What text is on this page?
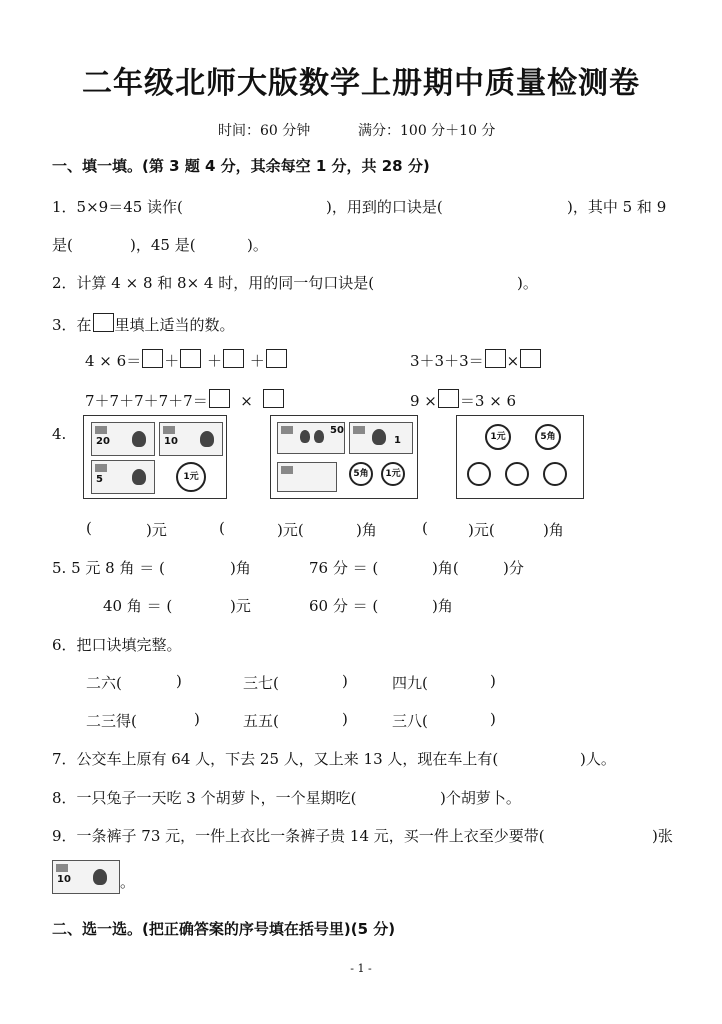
二年级北师大版数学上册期中质量检测卷
时间：60 分钟	满分：100 分＋10 分
一、填一填。(第 3 题 4 分，其余每空 1 分，共 28 分)
1．5×9＝45 读作(	)，用到的口诀是(	)，其中 5 和 9
是(	)，45 是(	)。
2．计算 4 × 8 和 8× 4 时，用的同一句口诀是(	)。
3．在 里填上适当的数。
4 × 6＝ ＋ ＋ ＋	3＋3＋3＝ ×
7＋7＋7＋7＋7＝ ×	9 × ＝3 × 6
4.	20	10
5	1元
50
1
5角	1元
1元	5角
(	)元	(	)元(	)角	(	)元(	)角
5. 5 元 8 角 ＝ (	)角	76 分 ＝ (	)角(	)分
40 角 ＝ (	)元	60 分 ＝ (	)角
6．把口诀填完整。
二六(	)	三七(	)	四九(	)
二三得(	)	五五(	)	三八(	)
7．公交车上原有 64 人，下去 25 人，又上来 13 人，现在车上有(	)人。
8．一只兔子一天吃 3 个胡萝卜，一个星期吃(	)个胡萝卜。
9．一条裤子 73 元，一件上衣比一条裤子贵 14 元，买一件上衣至少要带(	)张
10	。
二、选一选。(把正确答案的序号填在括号里)(5 分)
- 1 -
